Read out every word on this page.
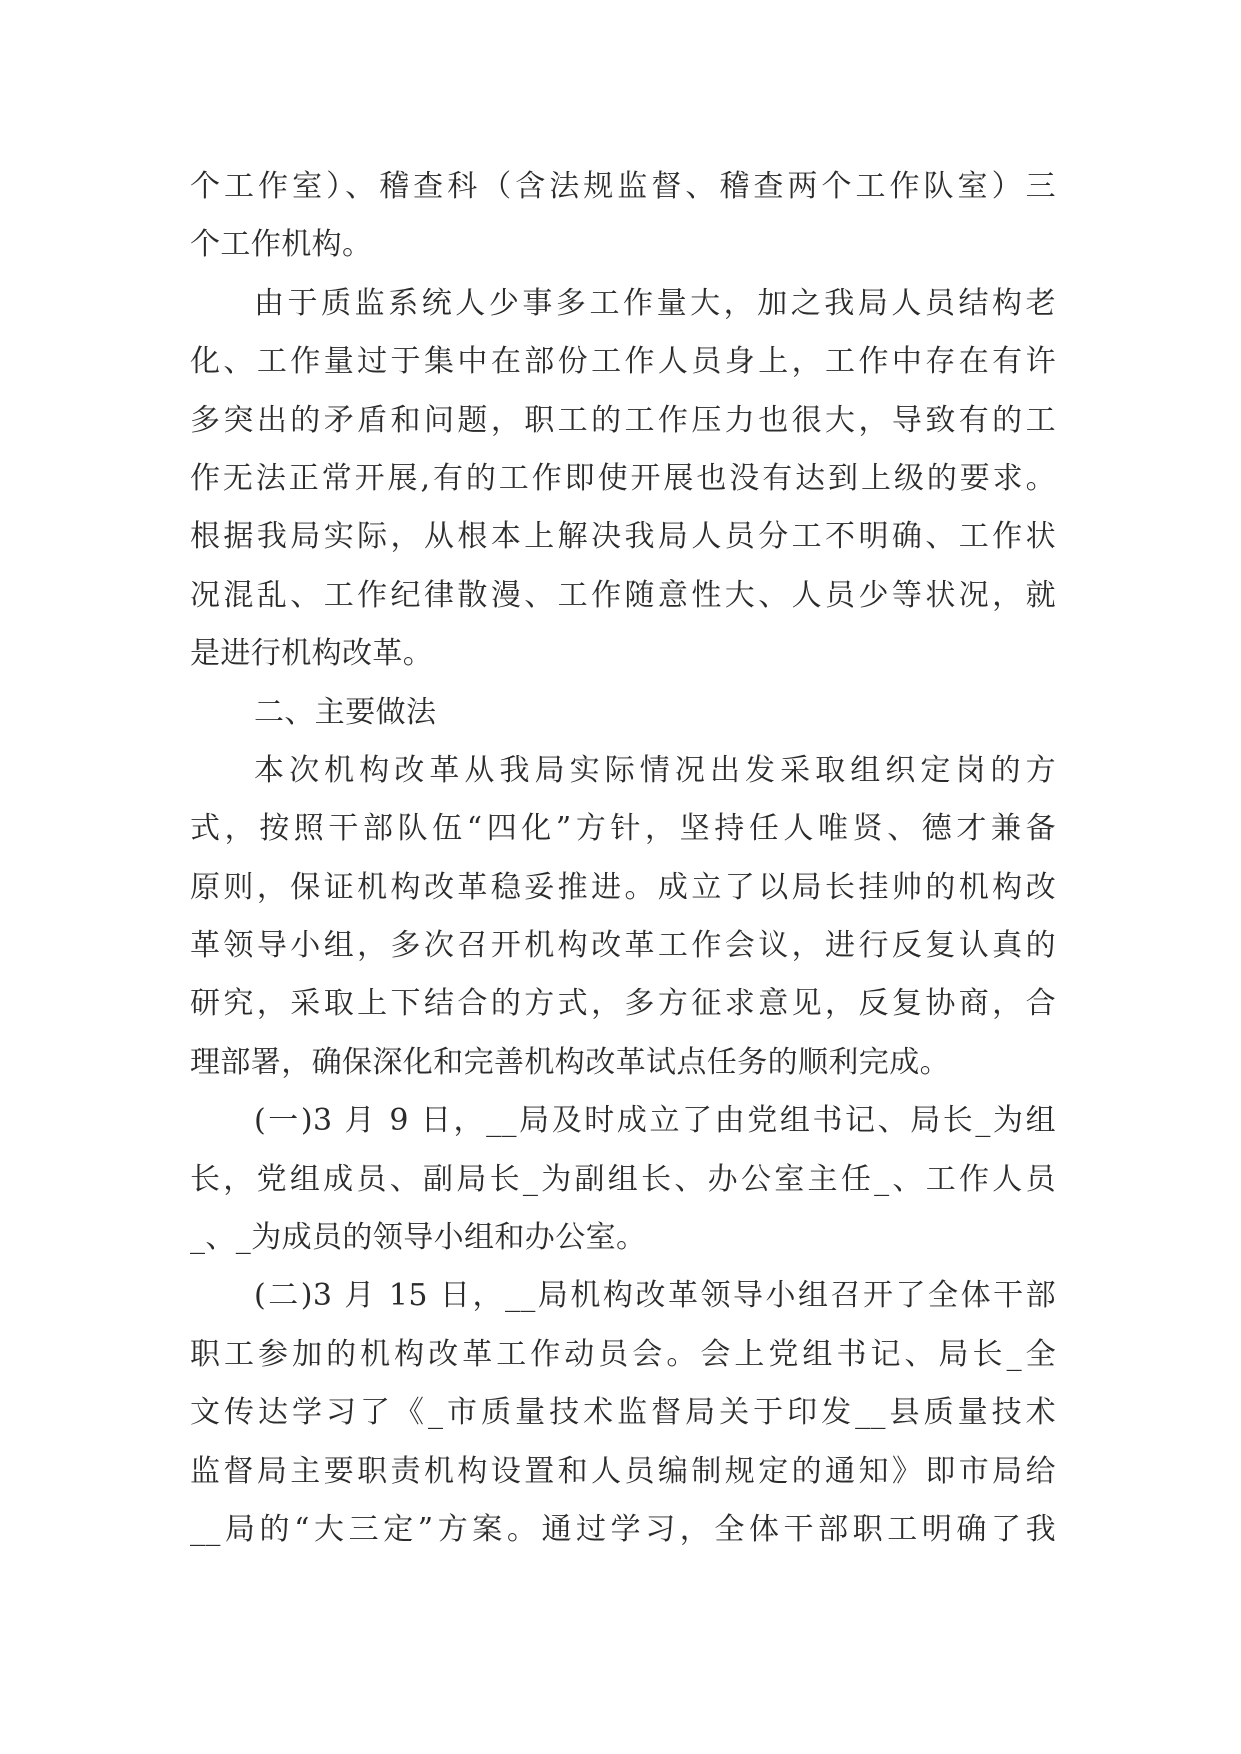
个工作室）、稽查科（含法规监督、稽查两个工作队室）三
个工作机构。
由于质监系统人少事多工作量大，加之我局人员结构老
化、工作量过于集中在部份工作人员身上，工作中存在有许
多突出的矛盾和问题，职工的工作压力也很大，导致有的工
作无法正常开展,有的工作即使开展也没有达到上级的要求。
根据我局实际，从根本上解决我局人员分工不明确、工作状
况混乱、工作纪律散漫、工作随意性大、人员少等状况，就
是进行机构改革。
二、主要做法
本次机构改革从我局实际情况出发采取组织定岗的方
式，按照干部队伍“四化”方针，坚持任人唯贤、德才兼备
原则，保证机构改革稳妥推进。成立了以局长挂帅的机构改
革领导小组，多次召开机构改革工作会议，进行反复认真的
研究，采取上下结合的方式，多方征求意见，反复协商，合
理部署，确保深化和完善机构改革试点任务的顺利完成。
(一)3 月 9 日，__局及时成立了由党组书记、局长_为组
长，党组成员、副局长_为副组长、办公室主任_、工作人员
_、_为成员的领导小组和办公室。
(二)3 月 15 日，__局机构改革领导小组召开了全体干部
职工参加的机构改革工作动员会。会上党组书记、局长_全
文传达学习了《_市质量技术监督局关于印发__县质量技术
监督局主要职责机构设置和人员编制规定的通知》即市局给
__局的“大三定”方案。通过学习，全体干部职工明确了我
